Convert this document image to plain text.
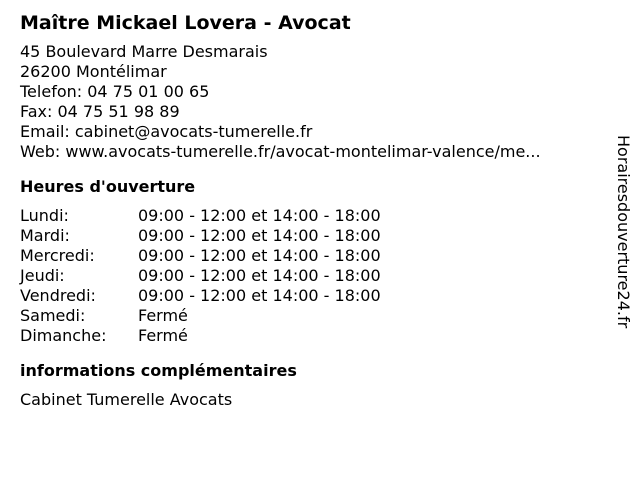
Maître Mickael Lovera - Avocat
45 Boulevard Marre Desmarais
26200 Montélimar
Telefon: 04 75 01 00 65
Fax: 04 75 51 98 89
Email: cabinet@avocats-tumerelle.fr
Web: www.avocats-tumerelle.fr/avocat-montelimar-valence/me...
Heures d'ouverture
Lundi:	09:00 - 12:00 et 14:00 - 18:00
Mardi:	09:00 - 12:00 et 14:00 - 18:00
Mercredi:	09:00 - 12:00 et 14:00 - 18:00
Jeudi:	09:00 - 12:00 et 14:00 - 18:00
Vendredi:	09:00 - 12:00 et 14:00 - 18:00
Samedi:	Fermé
Dimanche:	Fermé
informations complémentaires
Cabinet Tumerelle Avocats
Horairesdouverture24.fr
